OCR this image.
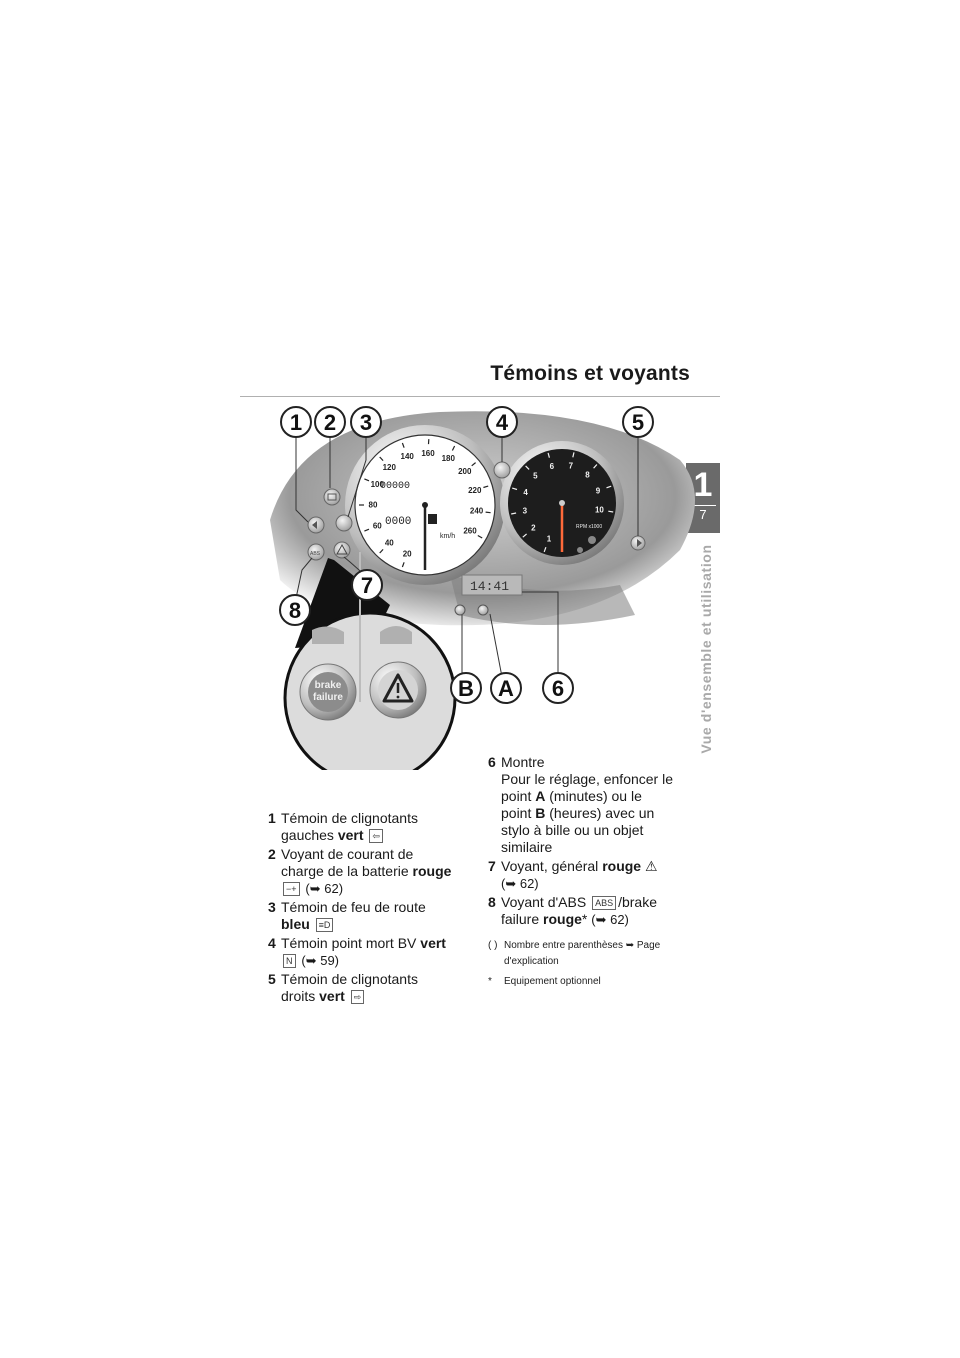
Témoins et voyants
1
7
Vue d'ensemble et utilisation
20
40
60
80
100
120
140 160
180
200
220
240
260
00000
0000
km/h	1
2
3
4
5
6 7
8
9
10
RPM x1000
ABS
14:41
brake
failure
1 2 3	4	5
6
7
8
A
B
1 Témoin de clignotants
gauches vert ⇦
2 Voyant de courant de
charge de la batterie rouge
−+ (➥ 62)
3 Témoin de feu de route
bleu ≡D
4 Témoin point mort BV vert
N (➥ 59)
5 Témoin de clignotants
droits vert ⇨
6 Montre
Pour le réglage, enfoncer le
point A (minutes) ou le
point B (heures) avec un
stylo à bille ou un objet
similaire
7 Voyant, général rouge ⚠
(➥ 62)
8 Voyant d'ABS ABS /brake
failure rouge* (➥ 62)
( ) Nombre entre parenthèses ➥ Page d'explication
* Equipement optionnel
